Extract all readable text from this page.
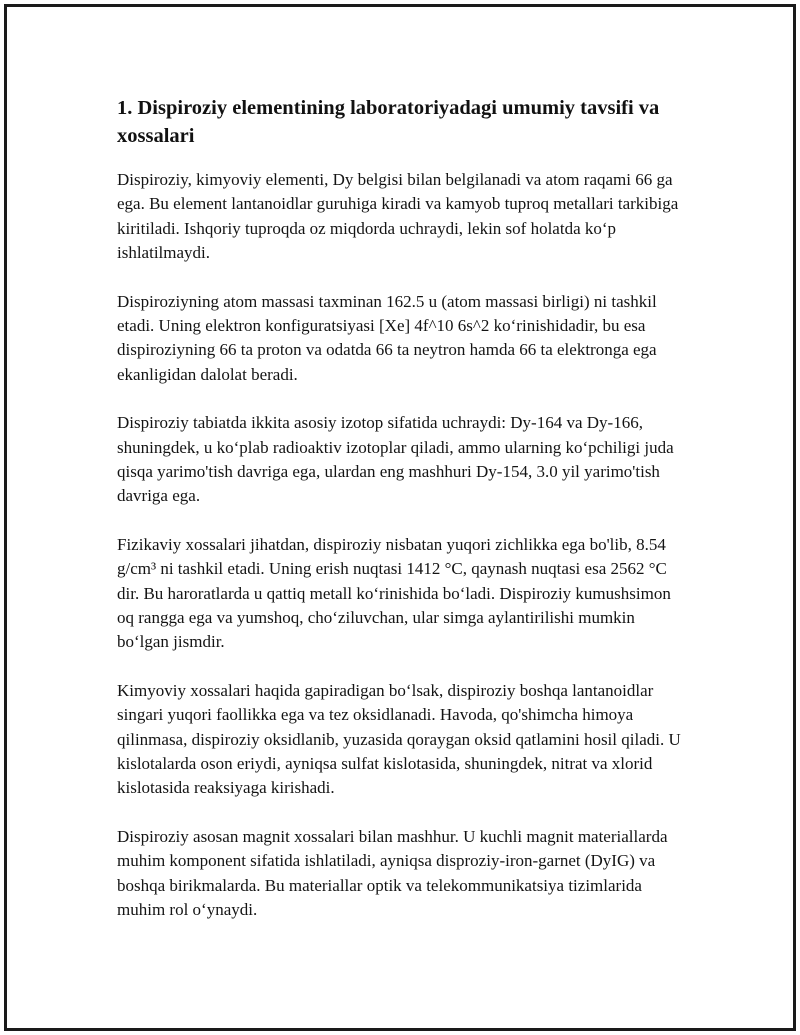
1. Dispiroziy elementining laboratoriyadagi umumiy tavsifi va xossalari

Dispiroziy, kimyoviy elementi, Dy belgisi bilan belgilanadi va atom raqami 66 ga ega. Bu element lantanoidlar guruhiga kiradi va kamyob tuproq metallari tarkibiga kiritiladi. Ishqoriy tuproqda oz miqdorda uchraydi, lekin sof holatda koʻp ishlatilmaydi.

Dispiroziyning atom massasi taxminan 162.5 u (atom massasi birligi) ni tashkil etadi. Uning elektron konfiguratsiyasi [Xe] 4f^10 6s^2 koʻrinishidadir, bu esa dispiroziyning 66 ta proton va odatda 66 ta neytron hamda 66 ta elektronga ega ekanligidan dalolat beradi.

Dispiroziy tabiatda ikkita asosiy izotop sifatida uchraydi: Dy-164 va Dy-166, shuningdek, u koʻplab radioaktiv izotoplar qiladi, ammo ularning koʻpchiligi juda qisqa yarimo'tish davriga ega, ulardan eng mashhuri Dy-154, 3.0 yil yarimo'tish davriga ega.

Fizikaviy xossalari jihatdan, dispiroziy nisbatan yuqori zichlikka ega bo'lib, 8.54 g/cm³ ni tashkil etadi. Uning erish nuqtasi 1412 °C, qaynash nuqtasi esa 2562 °C dir. Bu haroratlarda u qattiq metall koʻrinishida boʻladi. Dispiroziy kumushsimon oq rangga ega va yumshoq, choʻziluvchan, ular simga aylantirilishi mumkin boʻlgan jismdir.

Kimyoviy xossalari haqida gapiradigan boʻlsak, dispiroziy boshqa lantanoidlar singari yuqori faollikka ega va tez oksidlanadi. Havoda, qo'shimcha himoya qilinmasa, dispiroziy oksidlanib, yuzasida qoraygan oksid qatlamini hosil qiladi. U kislotalarda oson eriydi, ayniqsa sulfat kislotasida, shuningdek, nitrat va xlorid kislotasida reaksiyaga kirishadi.

Dispiroziy asosan magnit xossalari bilan mashhur. U kuchli magnit materiallarda muhim komponent sifatida ishlatiladi, ayniqsa disproziy-iron-garnet (DyIG) va boshqa birikmalarda. Bu materiallar optik va telekommunikatsiya tizimlarida muhim rol oʻynaydi.
